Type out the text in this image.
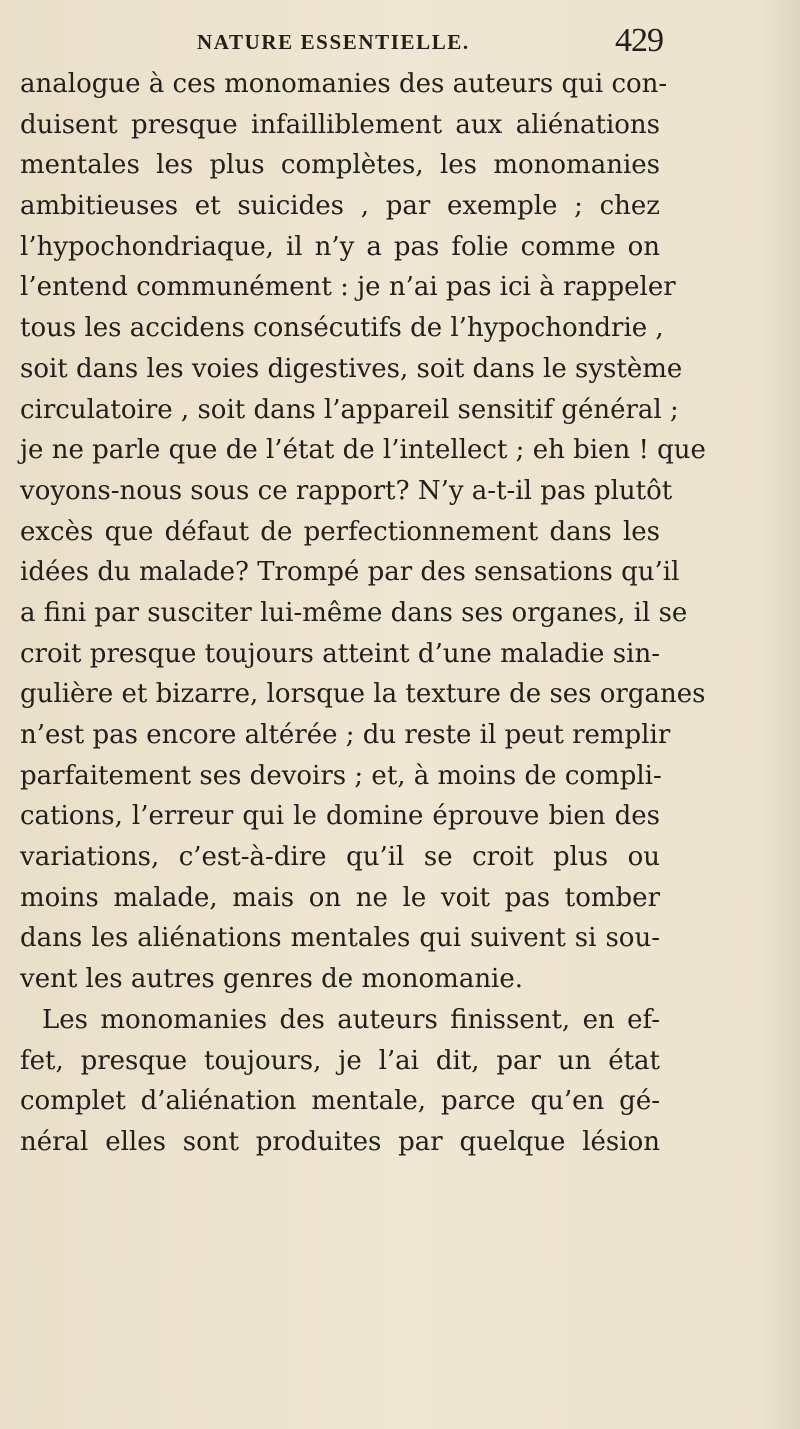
NATURE ESSENTIELLE.	429
analogue à ces monomanies des auteurs qui con-
duisent presque infailliblement aux aliénations
mentales les plus complètes, les monomanies
ambitieuses et suicides , par exemple ; chez
l’hypochondriaque, il n’y a pas folie comme on
l’entend communément : je n’ai pas ici à rappeler
tous les accidens consécutifs de l’hypochondrie ,
soit dans les voies digestives, soit dans le système
circulatoire , soit dans l’appareil sensitif général ;
je ne parle que de l’état de l’intellect ; eh bien ! que
voyons-nous sous ce rapport? N’y a-t-il pas plutôt
excès que défaut de perfectionnement dans les
idées du malade? Trompé par des sensations qu’il
a fini par susciter lui-même dans ses organes, il se
croit presque toujours atteint d’une maladie sin-
gulière et bizarre, lorsque la texture de ses organes
n’est pas encore altérée ; du reste il peut remplir
parfaitement ses devoirs ; et, à moins de compli-
cations, l’erreur qui le domine éprouve bien des
variations, c’est-à-dire qu’il se croit plus ou
moins malade, mais on ne le voit pas tomber
dans les aliénations mentales qui suivent si sou-
vent les autres genres de monomanie.
Les monomanies des auteurs finissent, en ef-
fet, presque toujours, je l’ai dit, par un état
complet d’aliénation mentale, parce qu’en gé-
néral elles sont produites par quelque lésion
